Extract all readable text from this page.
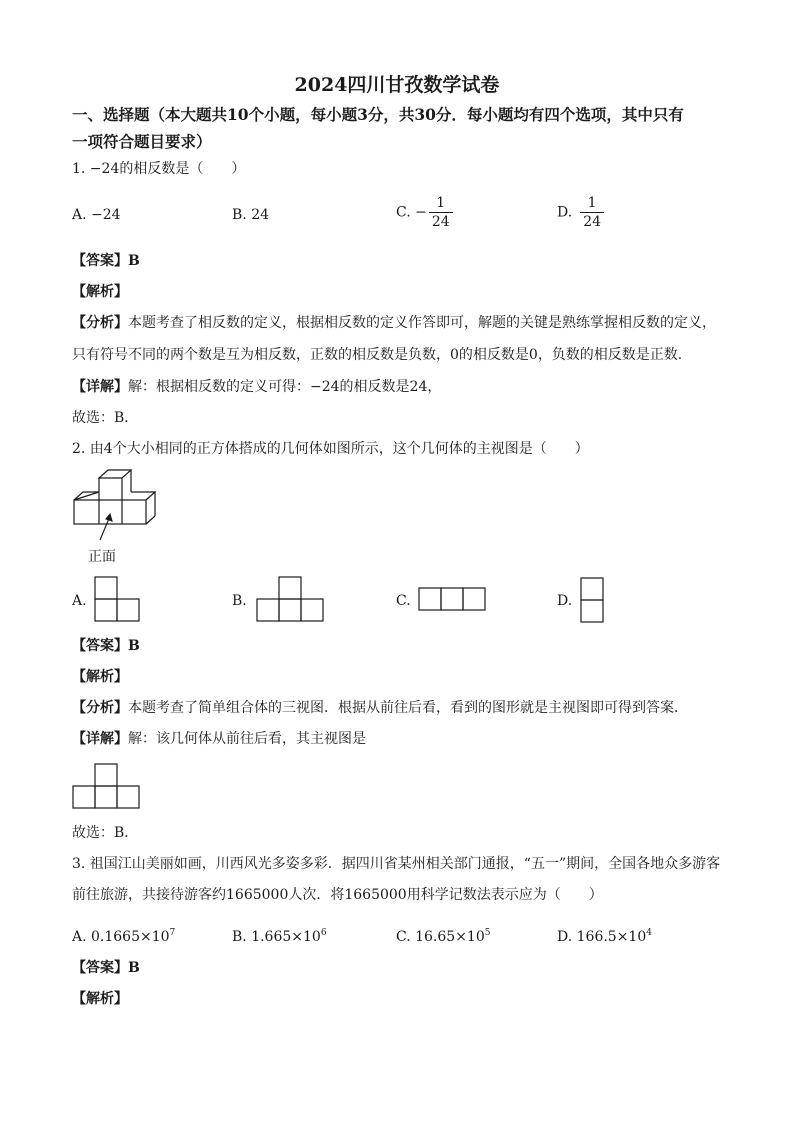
2024四川甘孜数学试卷
一、选择题（本大题共10个小题，每小题3分，共30分．每小题均有四个选项，其中只有
一项符合题目要求）
1. −24的相反数是（　　）
A. −24	B. 24	C. − $\frac{1}{24}$	D. $\frac{1}{24}$
【答案】B
【解析】
【分析】本题考查了相反数的定义，根据相反数的定义作答即可，解题的关键是熟练掌握相反数的定义，
只有符号不同的两个数是互为相反数，正数的相反数是负数，0的相反数是0，负数的相反数是正数．
【详解】解：根据相反数的定义可得：−24的相反数是24，
故选：B．
2. 由4个大小相同的正方体搭成的几何体如图所示，这个几何体的主视图是（　　）
正面
A.	B.	C.	D.
【答案】B
【解析】
【分析】本题考查了简单组合体的三视图．根据从前往后看，看到的图形就是主视图即可得到答案．
【详解】解：该几何体从前往后看，其主视图是
故选：B．
3. 祖国江山美丽如画，川西风光多姿多彩．据四川省某州相关部门通报，“五一”期间，全国各地众多游客
前往旅游，共接待游客约1665000人次．将1665000用科学记数法表示应为（　　）
A. $0.1665\times 10^7$	B. $1.665\times 10^6$	C. $16.65\times 10^5$	D. $166.5\times 10^4$
【答案】B
【解析】
